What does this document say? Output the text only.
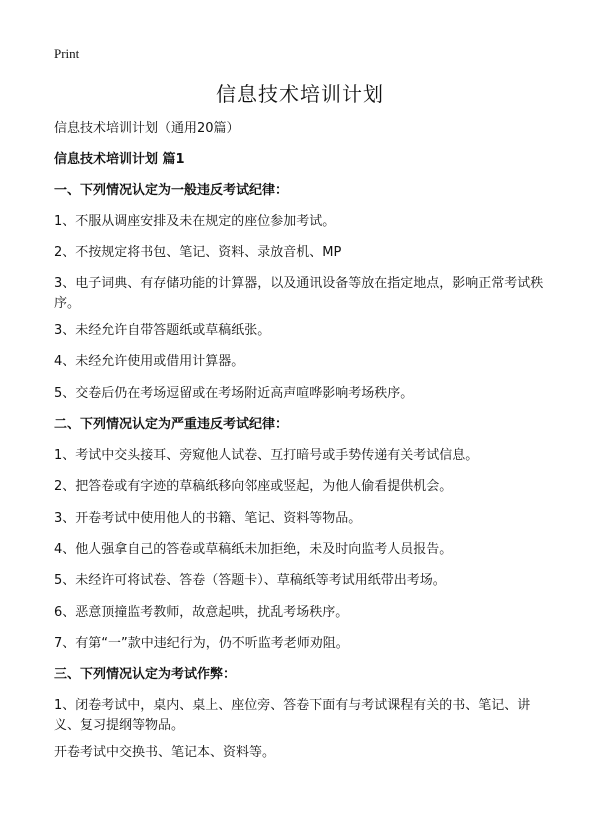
Print
信息技术培训计划

信息技术培训计划（通用20篇）

信息技术培训计划 篇1

一、下列情况认定为一般违反考试纪律：

1、不服从调座安排及未在规定的座位参加考试。

2、不按规定将书包、笔记、资料、录放音机、MP

3、电子词典、有存储功能的计算器，以及通讯设备等放在指定地点，影响正常考试秩序。

3、未经允许自带答题纸或草稿纸张。

4、未经允许使用或借用计算器。

5、交卷后仍在考场逗留或在考场附近高声喧哗影响考场秩序。

二、下列情况认定为严重违反考试纪律：

1、考试中交头接耳、旁窥他人试卷、互打暗号或手势传递有关考试信息。

2、把答卷或有字迹的草稿纸移向邻座或竖起，为他人偷看提供机会。

3、开卷考试中使用他人的书籍、笔记、资料等物品。

4、他人强拿自己的答卷或草稿纸未加拒绝，未及时向监考人员报告。

5、未经许可将试卷、答卷（答题卡）、草稿纸等考试用纸带出考场。

6、恶意顶撞监考教师，故意起哄，扰乱考场秩序。

7、有第“一”款中违纪行为，仍不听监考老师劝阻。

三、下列情况认定为考试作弊：

1、闭卷考试中，桌内、桌上、座位旁、答卷下面有与考试课程有关的书、笔记、讲义、复习提纲等物品。

开卷考试中交换书、笔记本、资料等。
